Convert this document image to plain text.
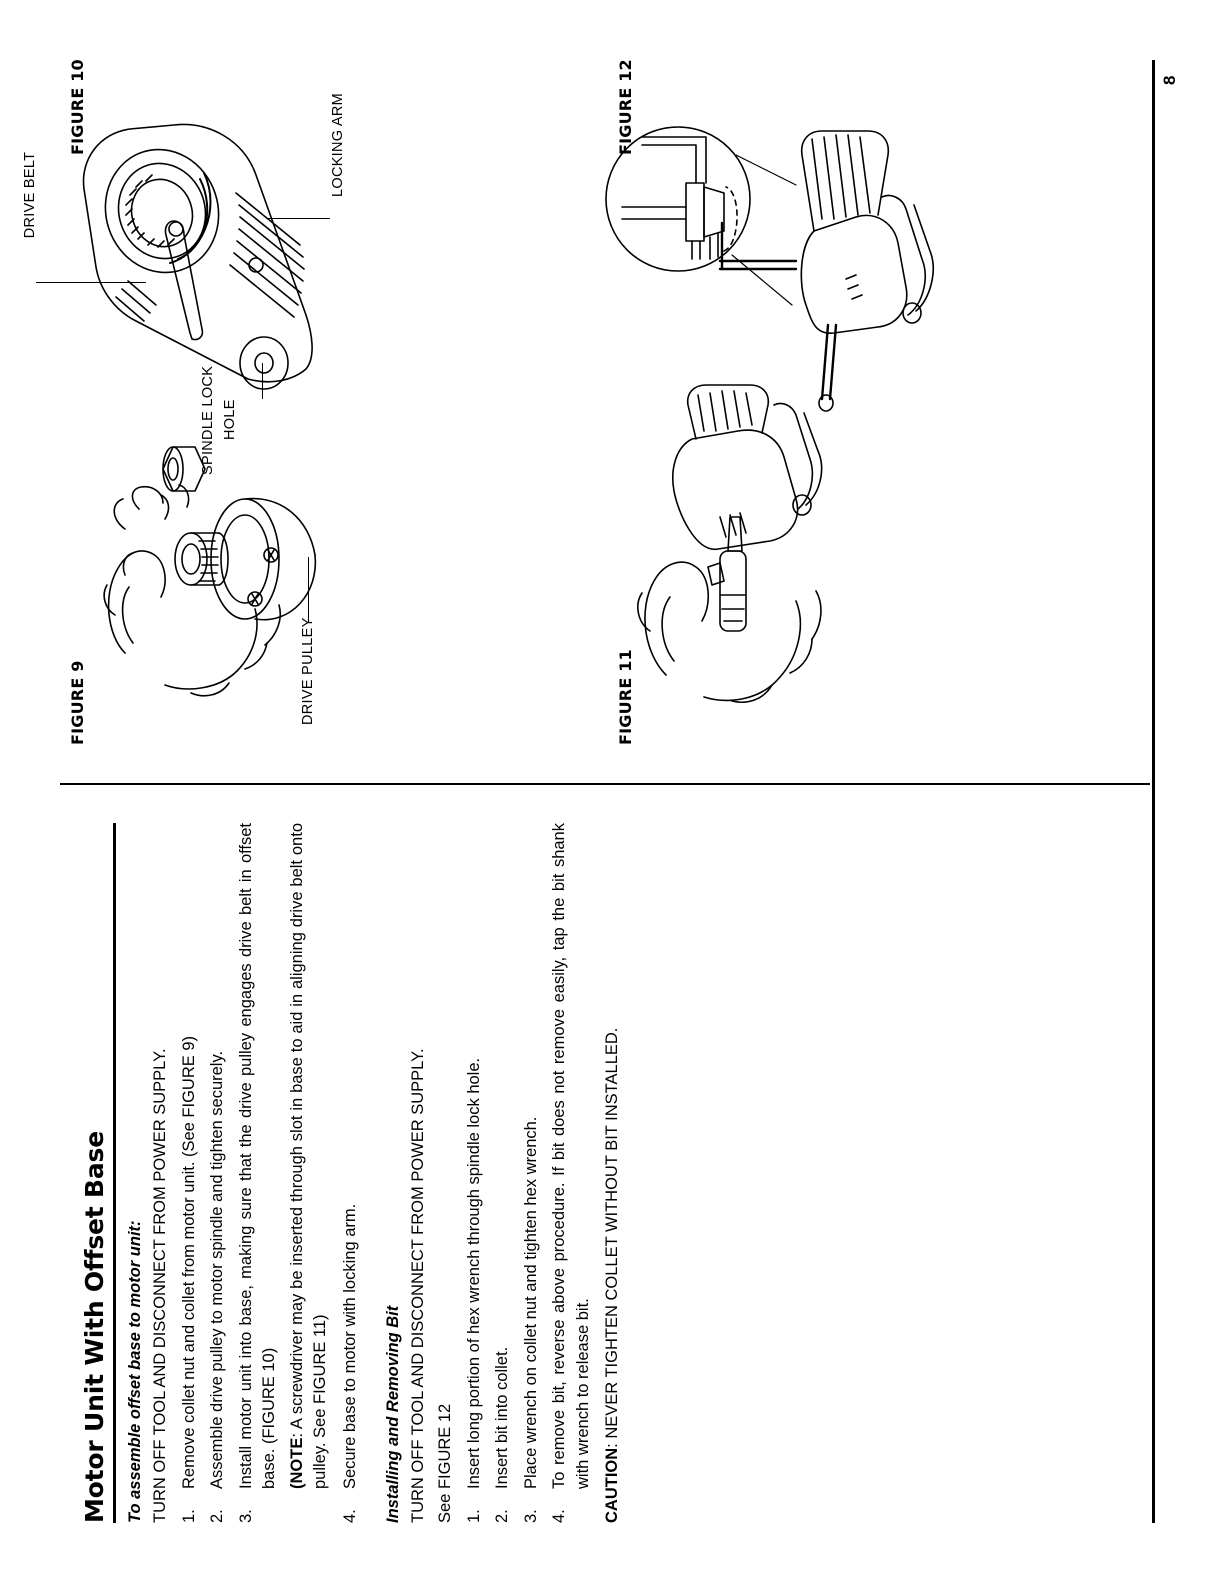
Motor Unit With Offset Base To assemble offset base to motor unit: TURN OFF TOOL AND DISCONNECT FROM POWER SUPPLY. 1.
Remove collet nut and collet from motor unit. (See FIGURE 9)
2.
Assemble drive pulley to motor spindle and tighten securely.
3.
Install motor unit into base, making sure that the drive pulley engages drive belt in offset base. (FIGURE 10) (NOTE: A screwdriver may be inserted through slot in base to aid in aligning drive belt onto pulley. See FIGURE 11)
4.
Secure base to motor with locking arm. Installing and Removing Bit TURN OFF TOOL AND DISCONNECT FROM POWER SUPPLY. See FIGURE 12 1.
Insert long portion of hex wrench through spindle lock hole.
2.
Insert bit into collet.
3.
Place wrench on collet nut and tighten hex wrench.
4.
To remove bit, reverse above procedure. If bit does not remove easily, tap the bit shank with wrench to release bit. CAUTION: NEVER TIGHTEN COLLET WITHOUT BIT INSTALLED.
8
FIGURE 9	DRIVE PULLEY
FIGURE 10
DRIVE BELT
SPINDLE LOCK HOLE
LOCKING ARM
FIGURE 11
FIGURE 12
